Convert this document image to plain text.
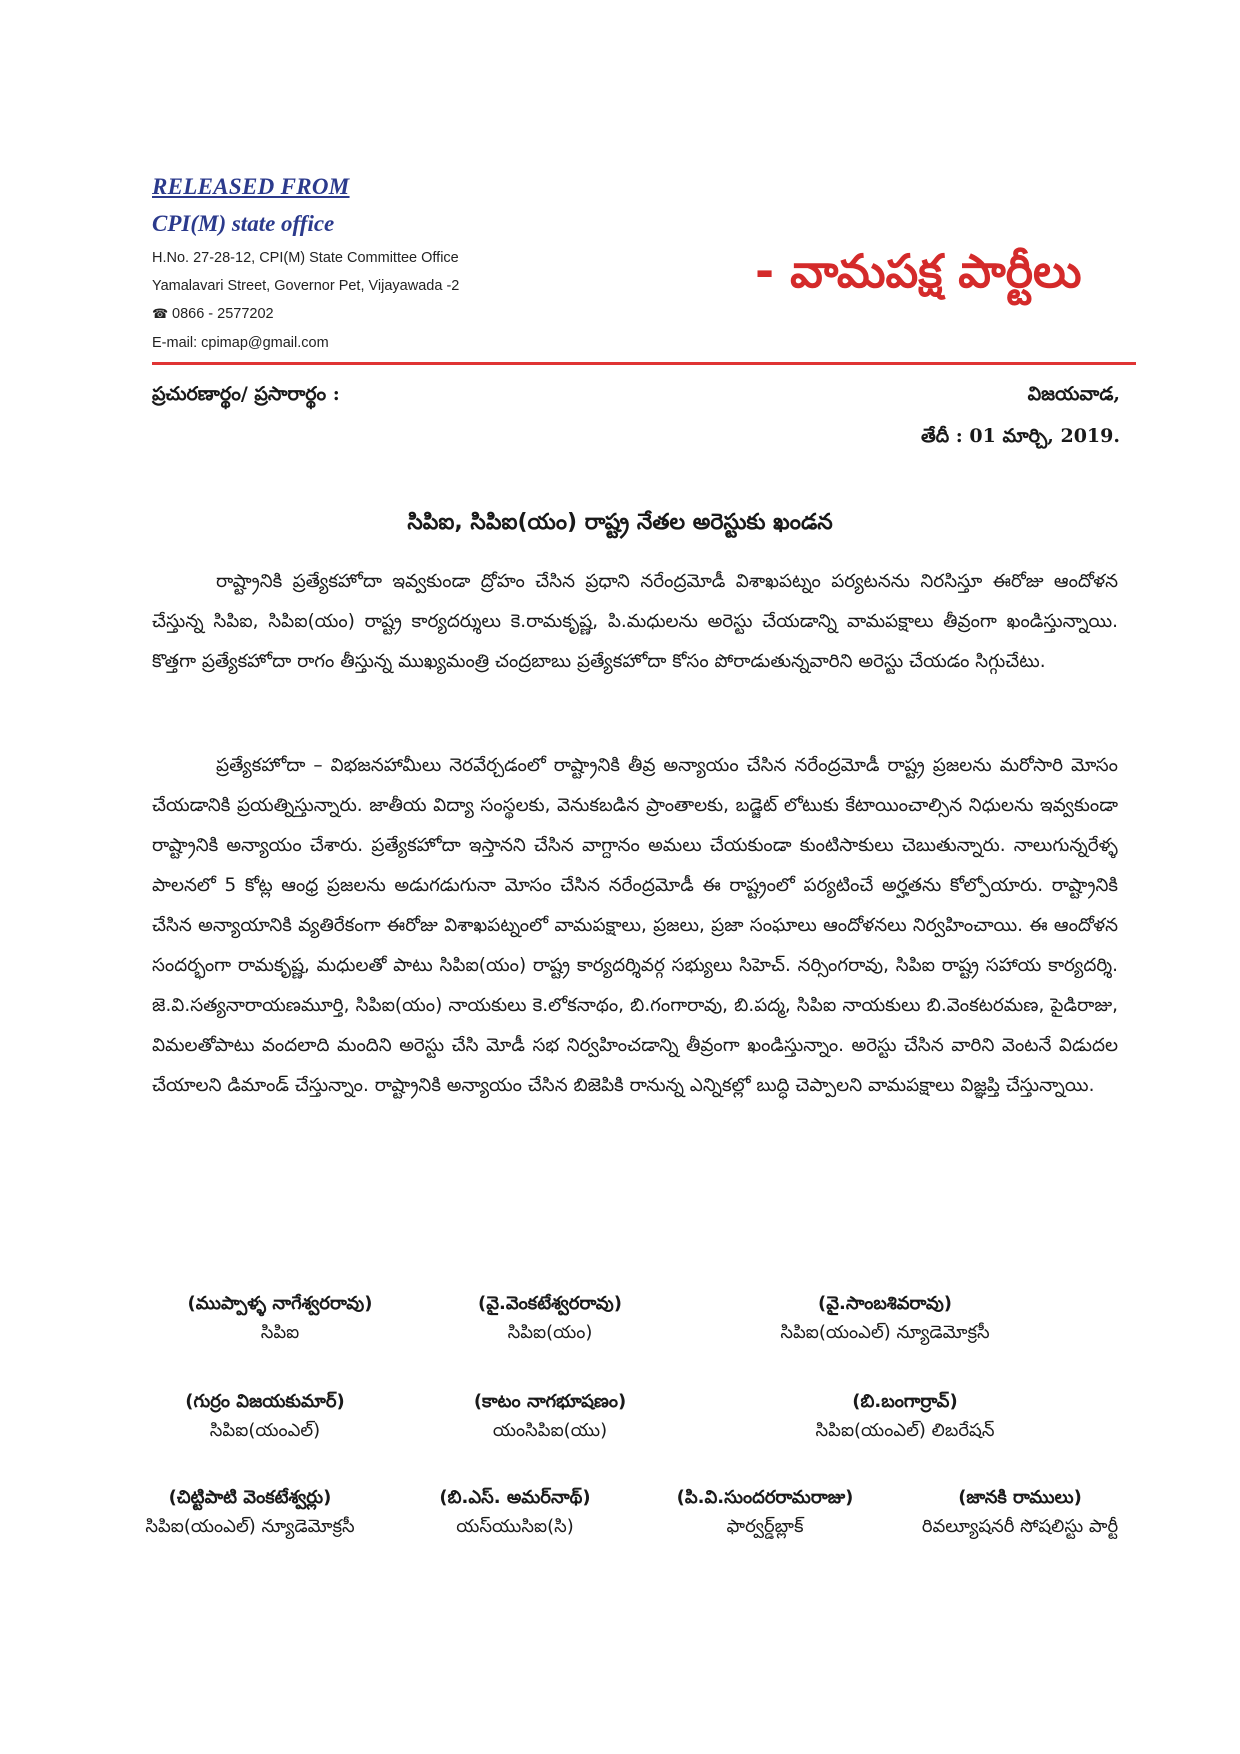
RELEASED FROM
CPI(M) state office
H.No. 27-28-12, CPI(M) State Committee Office
Yamalavari Street, Governor Pet, Vijayawada -2
☎ 0866 - 2577202
E-mail: cpimap@gmail.com
- వామపక్ష పార్టీలు
ప్రచురణార్థం/ ప్రసారార్థం :	విజయవాడ,
తేదీ : 01 మార్చి, 2019.
సిపిఐ, సిపిఐ(యం) రాష్ట్ర నేతల అరెస్టుకు ఖండన
రాష్ట్రానికి ప్రత్యేకహోదా ఇవ్వకుండా ద్రోహం చేసిన ప్రధాని నరేంద్రమోడీ విశాఖపట్నం పర్యటనను నిరసిస్తూ ఈరోజు ఆందోళన చేస్తున్న సిపిఐ, సిపిఐ(యం) రాష్ట్ర కార్యదర్శులు కె.రామకృష్ణ, పి.మధులను అరెస్టు చేయడాన్ని వామపక్షాలు తీవ్రంగా ఖండిస్తున్నాయి. కొత్తగా ప్రత్యేకహోదా రాగం తీస్తున్న ముఖ్యమంత్రి చంద్రబాబు ప్రత్యేకహోదా కోసం పోరాడుతున్నవారిని అరెస్టు చేయడం సిగ్గుచేటు.
ప్రత్యేకహోదా – విభజనహామీలు నెరవేర్చడంలో రాష్ట్రానికి తీవ్ర అన్యాయం చేసిన నరేంద్రమోడీ రాష్ట్ర ప్రజలను మరోసారి మోసం చేయడానికి ప్రయత్నిస్తున్నారు. జాతీయ విద్యా సంస్థలకు, వెనుకబడిన ప్రాంతాలకు, బడ్జెట్ లోటుకు కేటాయించాల్సిన నిధులను ఇవ్వకుండా రాష్ట్రానికి అన్యాయం చేశారు. ప్రత్యేకహోదా ఇస్తానని చేసిన వాగ్దానం అమలు చేయకుండా కుంటిసాకులు చెబుతున్నారు. నాలుగున్నరేళ్ళ పాలనలో 5 కోట్ల ఆంధ్ర ప్రజలను అడుగడుగునా మోసం చేసిన నరేంద్రమోడీ ఈ రాష్ట్రంలో పర్యటించే అర్హతను కోల్పోయారు. రాష్ట్రానికి చేసిన అన్యాయానికి వ్యతిరేకంగా ఈరోజు విశాఖపట్నంలో వామపక్షాలు, ప్రజలు, ప్రజా సంఘాలు ఆందోళనలు నిర్వహించాయి. ఈ ఆందోళన సందర్భంగా రామకృష్ణ, మధులతో పాటు సిపిఐ(యం) రాష్ట్ర కార్యదర్శివర్గ సభ్యులు సిహెచ్. నర్సింగరావు, సిపిఐ రాష్ట్ర సహాయ కార్యదర్శి. జె.వి.సత్యనారాయణమూర్తి, సిపిఐ(యం) నాయకులు కె.లోకనాథం, బి.గంగారావు, బి.పద్మ, సిపిఐ నాయకులు బి.వెంకటరమణ, పైడిరాజు, విమలతోపాటు వందలాది మందిని అరెస్టు చేసి మోడీ సభ నిర్వహించడాన్ని తీవ్రంగా ఖండిస్తున్నాం. అరెస్టు చేసిన వారిని వెంటనే విడుదల చేయాలని డిమాండ్ చేస్తున్నాం. రాష్ట్రానికి అన్యాయం చేసిన బిజెపికి రానున్న ఎన్నికల్లో బుద్ధి చెప్పాలని వామపక్షాలు విజ్ఞప్తి చేస్తున్నాయి.
(ముప్పాళ్ళ నాగేశ్వరరావు)
సిపిఐ
(వై.వెంకటేశ్వరరావు)
సిపిఐ(యం)
(వై.సాంబశివరావు)
సిపిఐ(యంఎల్) న్యూడెమోక్రసీ
(గుర్రం విజయకుమార్)
సిపిఐ(యంఎల్)
(కాటం నాగభూషణం)
యంసిపిఐ(యు)
(బి.బంగార్రావ్)
సిపిఐ(యంఎల్) లిబరేషన్
(చిట్టిపాటి వెంకటేశ్వర్లు)
సిపిఐ(యంఎల్) న్యూడెమోక్రసీ
(బి.ఎస్. అమర్‌నాథ్)
యస్‌యుసిఐ(సి)
(పి.వి.సుందరరామరాజు)
ఫార్వర్డ్‌బ్లాక్
(జానకి రాములు)
రివల్యూషనరీ సోషలిస్టు పార్టీ
